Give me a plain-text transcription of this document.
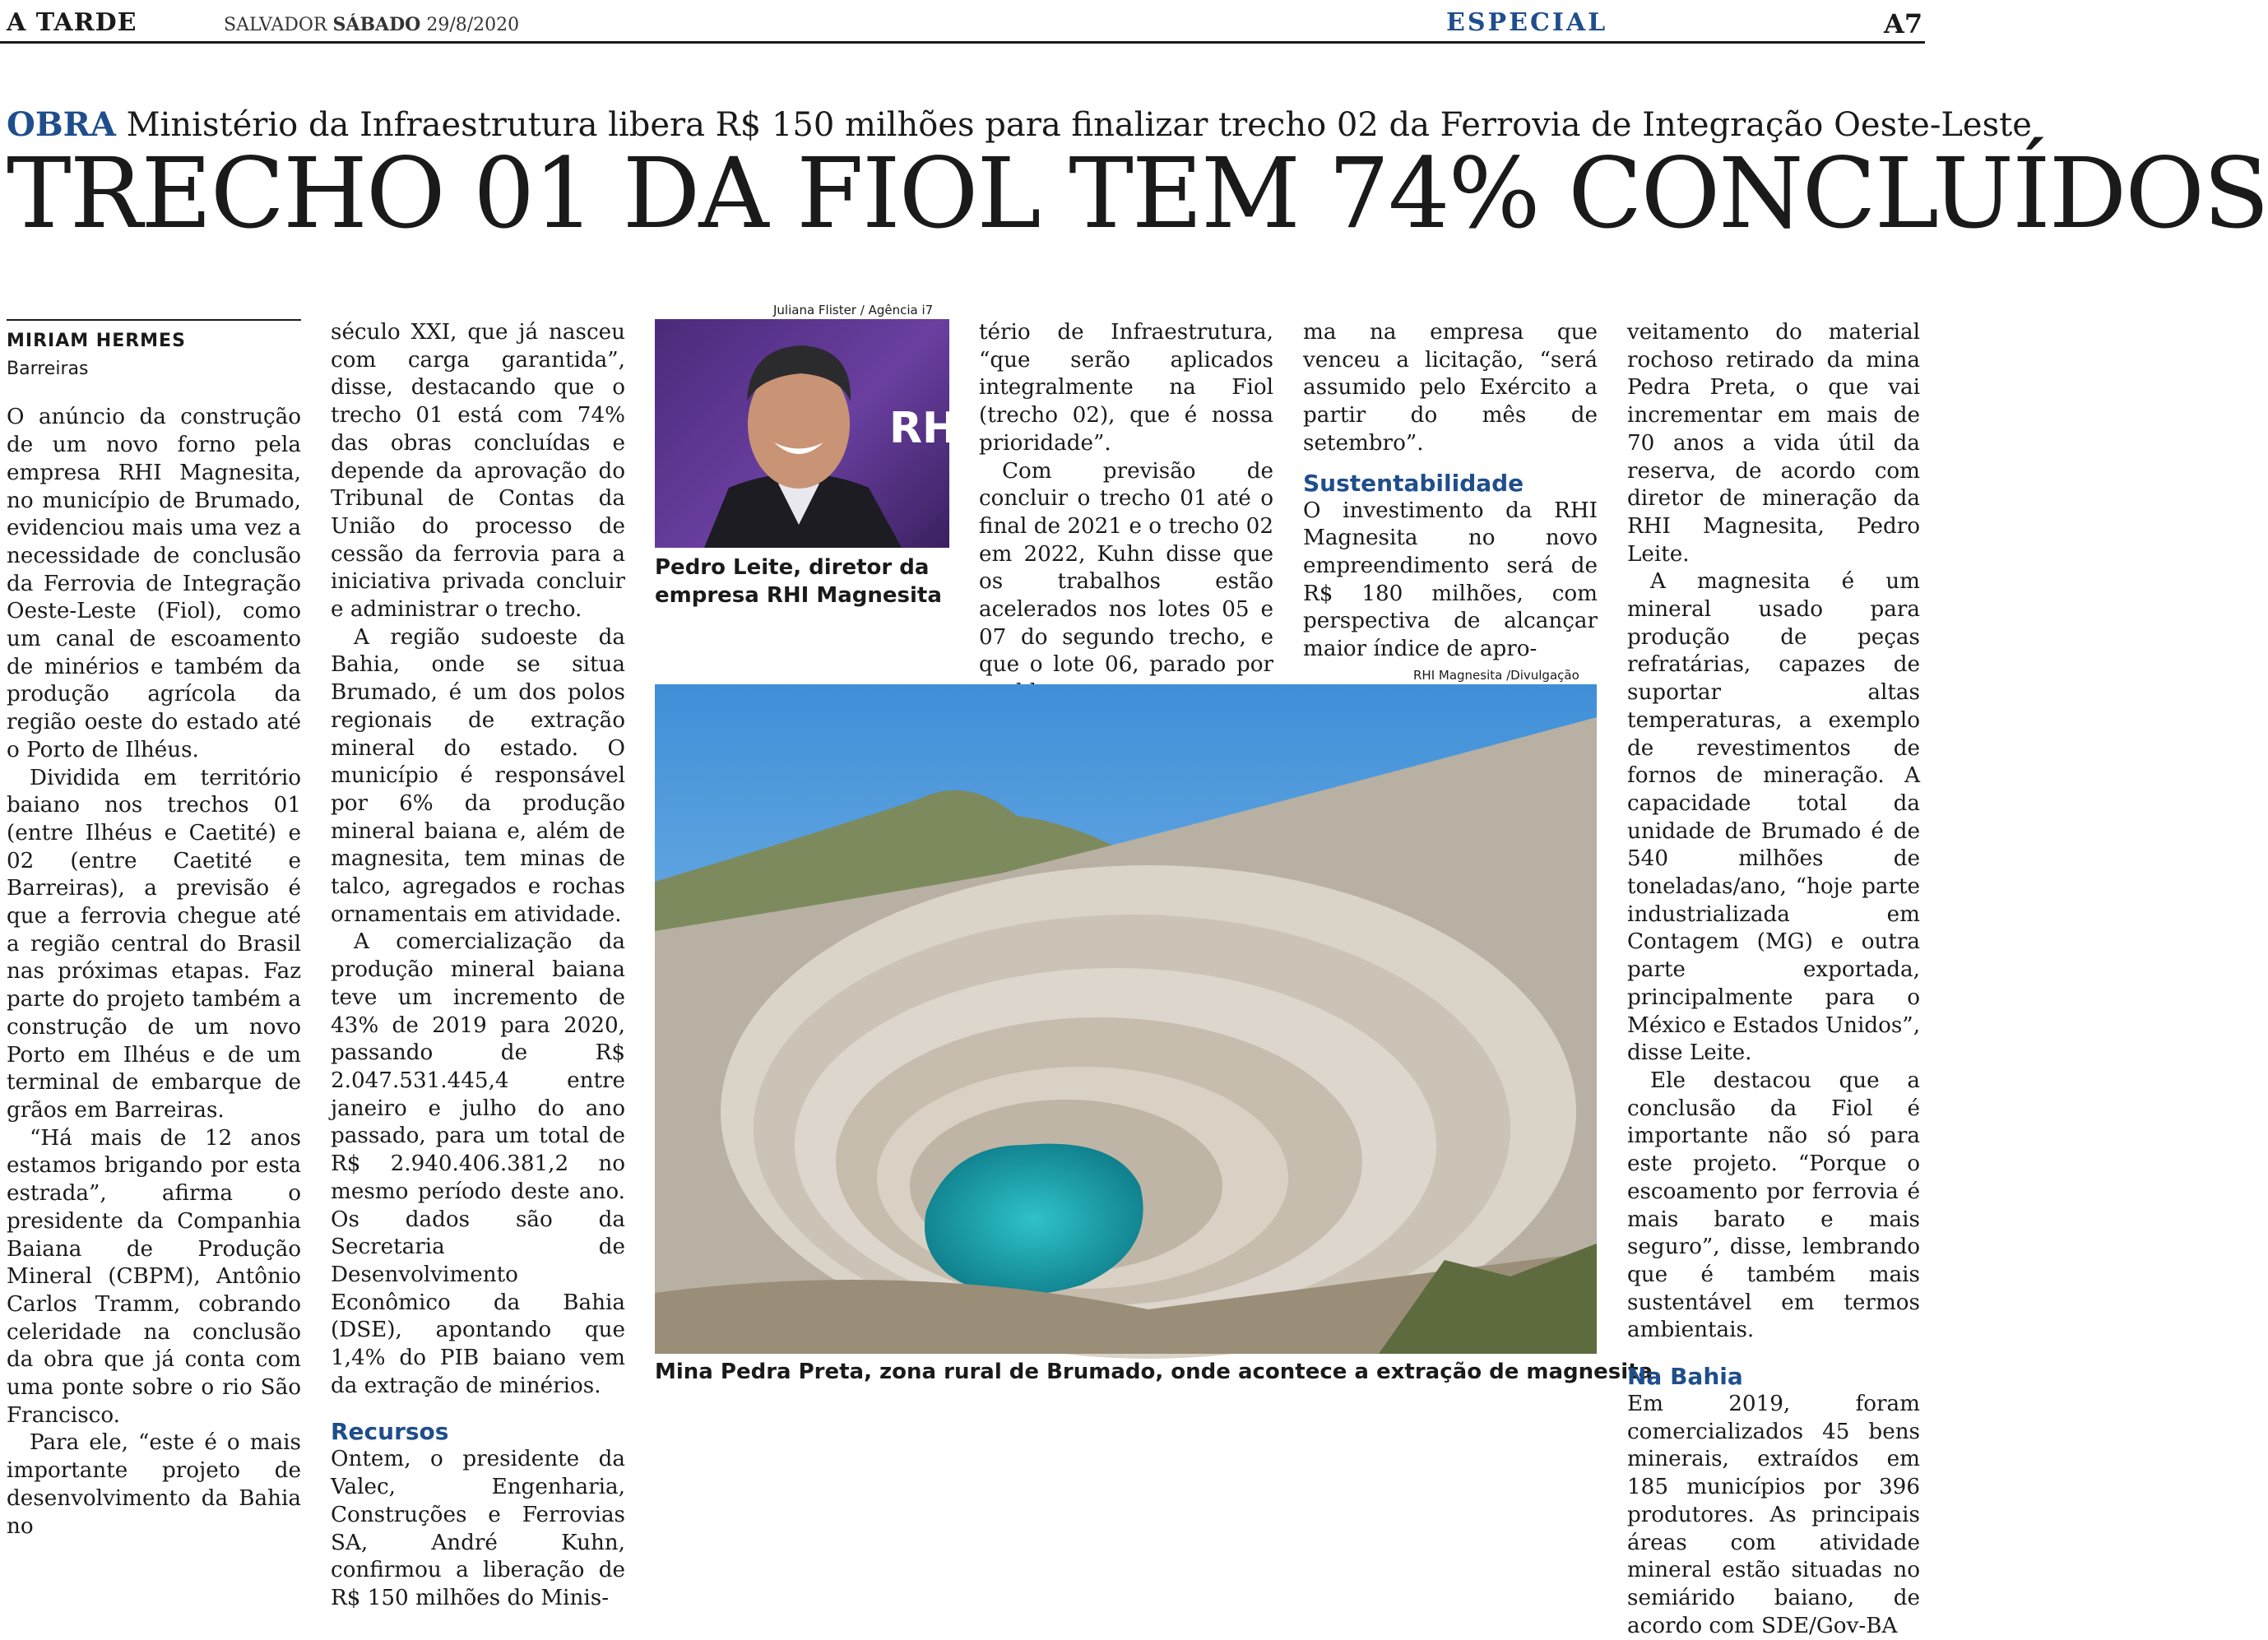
A TARDE	SALVADOR SÁBADO 29/8/2020	ESPECIAL	A7
OBRA Ministério da Infraestrutura libera R$ 150 milhões para finalizar trecho 02 da Ferrovia de Integração Oeste-Leste
TRECHO 01 DA FIOL TEM 74% CONCLUÍDOS
MIRIAM HERMES
Barreiras

O anúncio da construção de um novo forno pela empresa RHI Magnesita, no município de Brumado, evidenciou mais uma vez a necessidade de conclusão da Ferrovia de Integração Oeste-Leste (Fiol), como um canal de escoamento de minérios e também da produção agrícola da região oeste do estado até o Porto de Ilhéus.

Dividida em território baiano nos trechos 01 (entre Ilhéus e Caetité) e 02 (entre Caetité e Barreiras), a previsão é que a ferrovia chegue até a região central do Brasil nas próximas etapas. Faz parte do projeto também a construção de um novo Porto em Ilhéus e de um terminal de embarque de grãos em Barreiras.

“Há mais de 12 anos estamos brigando por esta estrada”, afirma o presidente da Companhia Baiana de Produção Mineral (CBPM), Antônio Carlos Tramm, cobrando celeridade na conclusão da obra que já conta com uma ponte sobre o rio São Francisco.

Para ele, “este é o mais importante projeto de desenvolvimento da Bahia no

século XXI, que já nasceu com carga garantida”, disse, destacando que o trecho 01 está com 74% das obras concluídas e depende da aprovação do Tribunal de Contas da União do processo de cessão da ferrovia para a iniciativa privada concluir e administrar o trecho.

A região sudoeste da Bahia, onde se situa Brumado, é um dos polos regionais de extração mineral do estado. O município é responsável por 6% da produção mineral baiana e, além de magnesita, tem minas de talco, agregados e rochas ornamentais em atividade.

A comercialização da produção mineral baiana teve um incremento de 43% de 2019 para 2020, passando de R$ 2.047.531.445,4 entre janeiro e julho do ano passado, para um total de R$ 2.940.406.381,2 no mesmo período deste ano. Os dados são da Secretaria de Desenvolvimento Econômico da Bahia (DSE), apontando que 1,4% do PIB baiano vem da extração de minérios.

Recursos

Ontem, o presidente da Valec, Engenharia, Construções e Ferrovias SA, André Kuhn, confirmou a liberação de R$ 150 milhões do Minis-

Juliana Flister / Agência i7
RHI
Pedro Leite, diretor da empresa RHI Magnesita

tério de Infraestrutura, “que serão aplicados integralmente na Fiol (trecho 02), que é nossa prioridade”.

Com previsão de concluir o trecho 01 até o final de 2021 e o trecho 02 em 2022, Kuhn disse que os trabalhos estão acelerados nos lotes 05 e 07 do segundo trecho, e que o lote 06, parado por

ma na empresa que venceu a licitação, “será assumido pelo Exército a partir do mês de setembro”.

Sustentabilidade

O investimento da RHI Magnesita no novo empreendimento será de R$ 180 milhões, com perspectiva de alcançar maior índice de apro-

RHI Magnesita /Divulgação
Mina Pedra Preta, zona rural de Brumado, onde acontece a extração de magnesita

veitamento do material rochoso retirado da mina Pedra Preta, o que vai incrementar em mais de 70 anos a vida útil da reserva, de acordo com diretor de mineração da RHI Magnesita, Pedro Leite.

A magnesita é um mineral usado para produção de peças refratárias, capazes de suportar altas temperaturas, a exemplo de revestimentos de fornos de mineração. A capacidade total da unidade de Brumado é de 540 milhões de toneladas/ano, “hoje parte industrializada em Contagem (MG) e outra parte exportada, principalmente para o México e Estados Unidos”, disse Leite.

Ele destacou que a conclusão da Fiol é importante não só para este projeto. “Porque o escoamento por ferrovia é mais barato e mais seguro”, disse, lembrando que é também mais sustentável em termos ambientais.

Na Bahia

Em 2019, foram comercializados 45 bens minerais, extraídos em 185 municípios por 396 produtores. As principais áreas com atividade mineral estão situadas no semiárido baiano, de acordo com SDE/Gov-BA
